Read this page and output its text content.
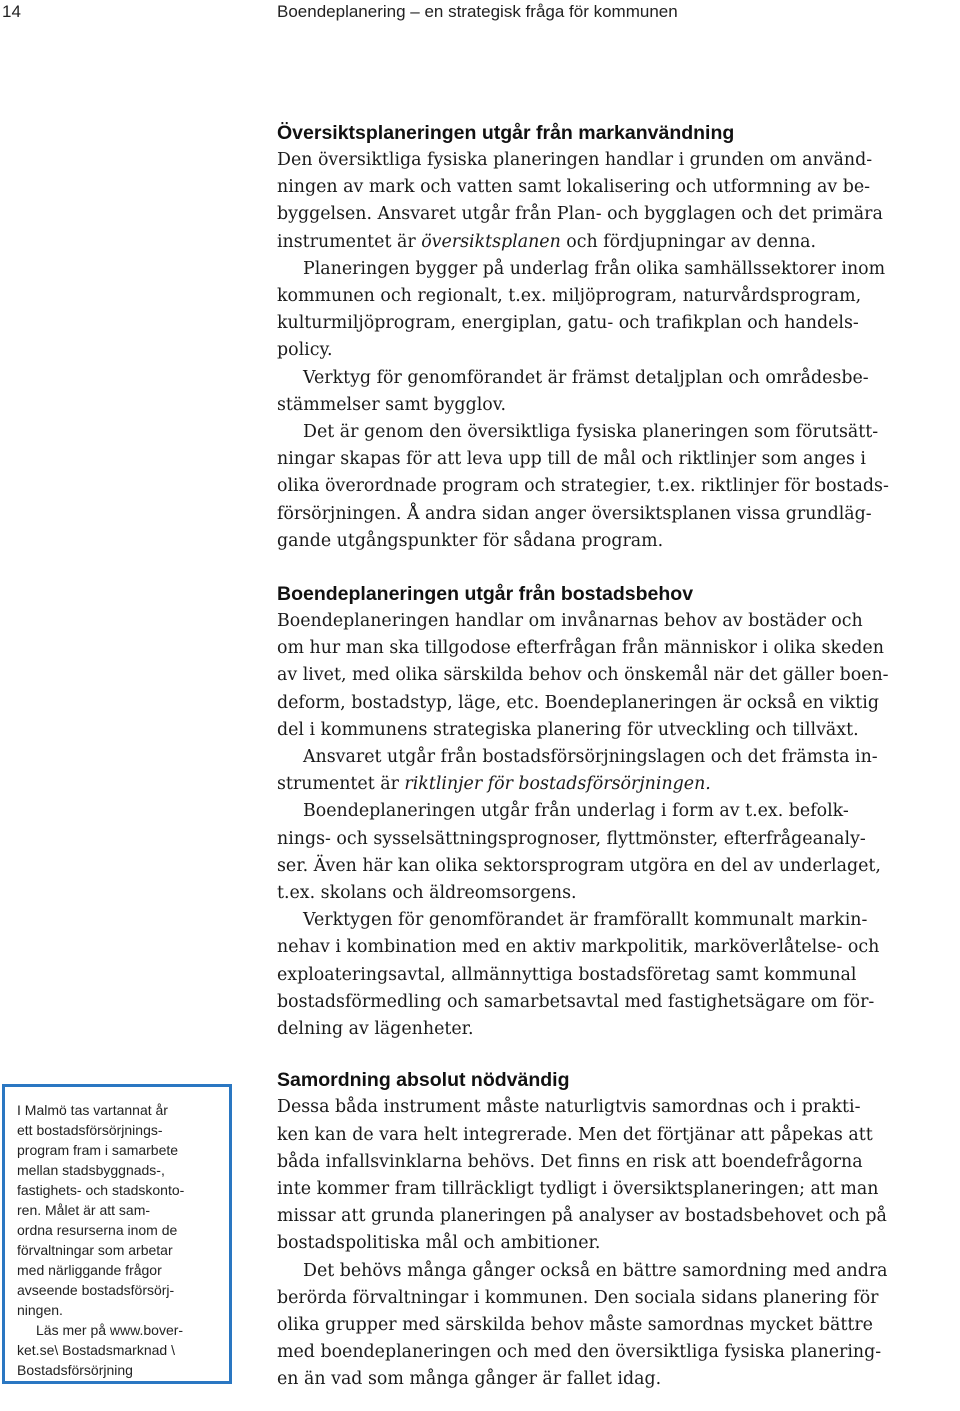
14	Boendeplanering – en strategisk fråga för kommunen
Översiktsplaneringen utgår från markanvändning
Den översiktliga fysiska planeringen handlar i grunden om använd-
ningen av mark och vatten samt lokalisering och utformning av be-
byggelsen. Ansvaret utgår från Plan- och bygglagen och det primära
instrumentet är översiktsplanen och fördjupningar av denna.
Planeringen bygger på underlag från olika samhällssektorer inom
kommunen och regionalt, t.ex. miljöprogram, naturvårdsprogram,
kulturmiljöprogram, energiplan, gatu- och trafikplan och handels-
policy.
Verktyg för genomförandet är främst detaljplan och områdesbe-
stämmelser samt bygglov.
Det är genom den översiktliga fysiska planeringen som förutsätt-
ningar skapas för att leva upp till de mål och riktlinjer som anges i
olika överordnade program och strategier, t.ex. riktlinjer för bostads-
försörjningen. Å andra sidan anger översiktsplanen vissa grundläg-
gande utgångspunkter för sådana program.
Boendeplaneringen utgår från bostadsbehov
Boendeplaneringen handlar om invånarnas behov av bostäder och
om hur man ska tillgodose efterfrågan från människor i olika skeden
av livet, med olika särskilda behov och önskemål när det gäller boen-
deform, bostadstyp, läge, etc. Boendeplaneringen är också en viktig
del i kommunens strategiska planering för utveckling och tillväxt.
Ansvaret utgår från bostadsförsörjningslagen och det främsta in-
strumentet är riktlinjer för bostadsförsörjningen.
Boendeplaneringen utgår från underlag i form av t.ex. befolk-
nings- och sysselsättningsprognoser, flyttmönster, efterfrågeanaly-
ser. Även här kan olika sektorsprogram utgöra en del av underlaget,
t.ex. skolans och äldreomsorgens.
Verktygen för genomförandet är framförallt kommunalt markin-
nehav i kombination med en aktiv markpolitik, marköverlåtelse- och
exploateringsavtal, allmännyttiga bostadsföretag samt kommunal
bostadsförmedling och samarbetsavtal med fastighetsägare om för-
delning av lägenheter.
Samordning absolut nödvändig
Dessa båda instrument måste naturligtvis samordnas och i prakti-
ken kan de vara helt integrerade. Men det förtjänar att påpekas att
båda infallsvinklarna behövs. Det finns en risk att boendefrågorna
inte kommer fram tillräckligt tydligt i översiktsplaneringen; att man
missar att grunda planeringen på analyser av bostadsbehovet och på
bostadspolitiska mål och ambitioner.
Det behövs många gånger också en bättre samordning med andra
berörda förvaltningar i kommunen. Den sociala sidans planering för
olika grupper med särskilda behov måste samordnas mycket bättre
med boendeplaneringen och med den översiktliga fysiska planering-
en än vad som många gånger är fallet idag.
I Malmö tas vartannat år
ett bostadsförsörjnings-
program fram i samarbete
mellan stadsbyggnads-,
fastighets- och stadskonto-
ren. Målet är att sam-
ordna resurserna inom de
förvaltningar som arbetar
med närliggande frågor
avseende bostadsförsörj-
ningen.
Läs mer på www.bover-
ket.se\ Bostadsmarknad \
Bostadsförsörjning
